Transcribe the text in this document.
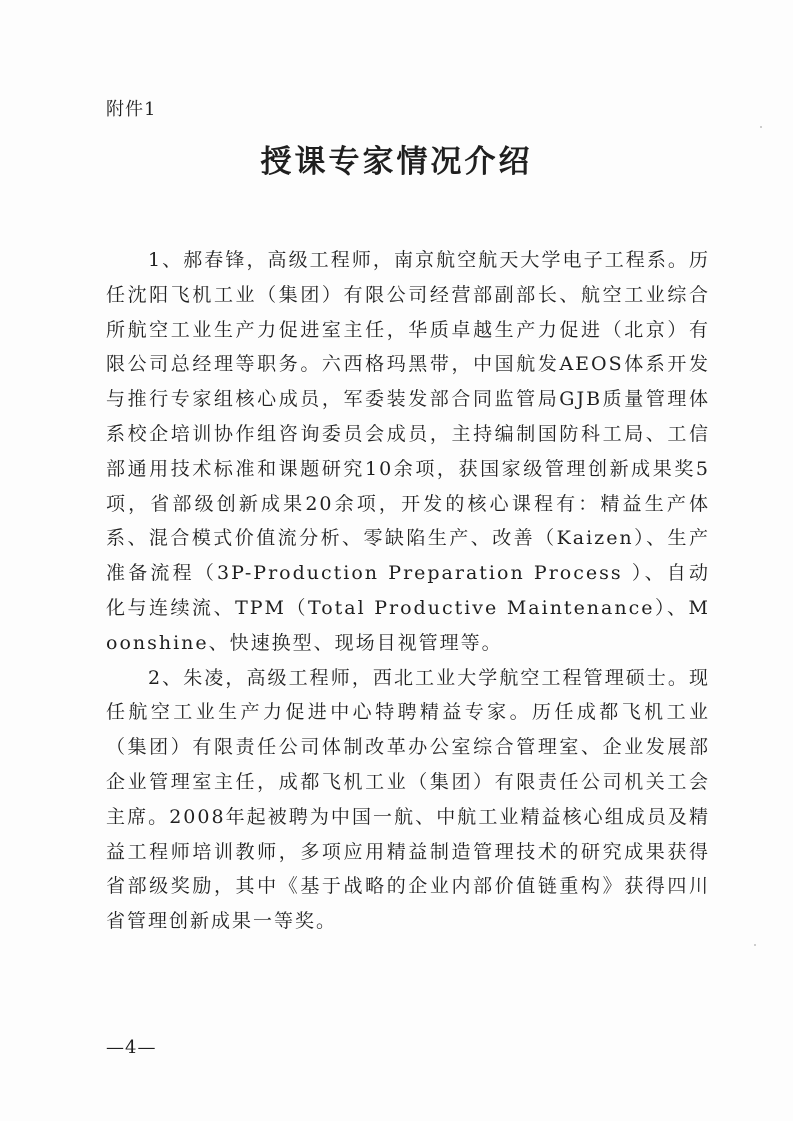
附件1
授课专家情况介绍

1、郝春锋，高级工程师，南京航空航天大学电子工程系。历任沈阳飞机工业（集团）有限公司经营部副部长、航空工业综合所航空工业生产力促进室主任，华质卓越生产力促进（北京）有限公司总经理等职务。六西格玛黑带，中国航发AEOS体系开发与推行专家组核心成员，军委装发部合同监管局GJB质量管理体系校企培训协作组咨询委员会成员，主持编制国防科工局、工信部通用技术标准和课题研究10余项，获国家级管理创新成果奖5项，省部级创新成果20余项，开发的核心课程有：精益生产体系、混合模式价值流分析、零缺陷生产、改善（Kaizen）、生产准备流程（3P-Production Preparation Process ）、自动化与连续流、TPM（Total Productive Maintenance）、Moonshine、快速换型、现场目视管理等。

2、朱凌，高级工程师，西北工业大学航空工程管理硕士。现任航空工业生产力促进中心特聘精益专家。历任成都飞机工业（集团）有限责任公司体制改革办公室综合管理室、企业发展部企业管理室主任，成都飞机工业（集团）有限责任公司机关工会主席。2008年起被聘为中国一航、中航工业精益核心组成员及精益工程师培训教师，多项应用精益制造管理技术的研究成果获得省部级奖励，其中《基于战略的企业内部价值链重构》获得四川省管理创新成果一等奖。

—4—
